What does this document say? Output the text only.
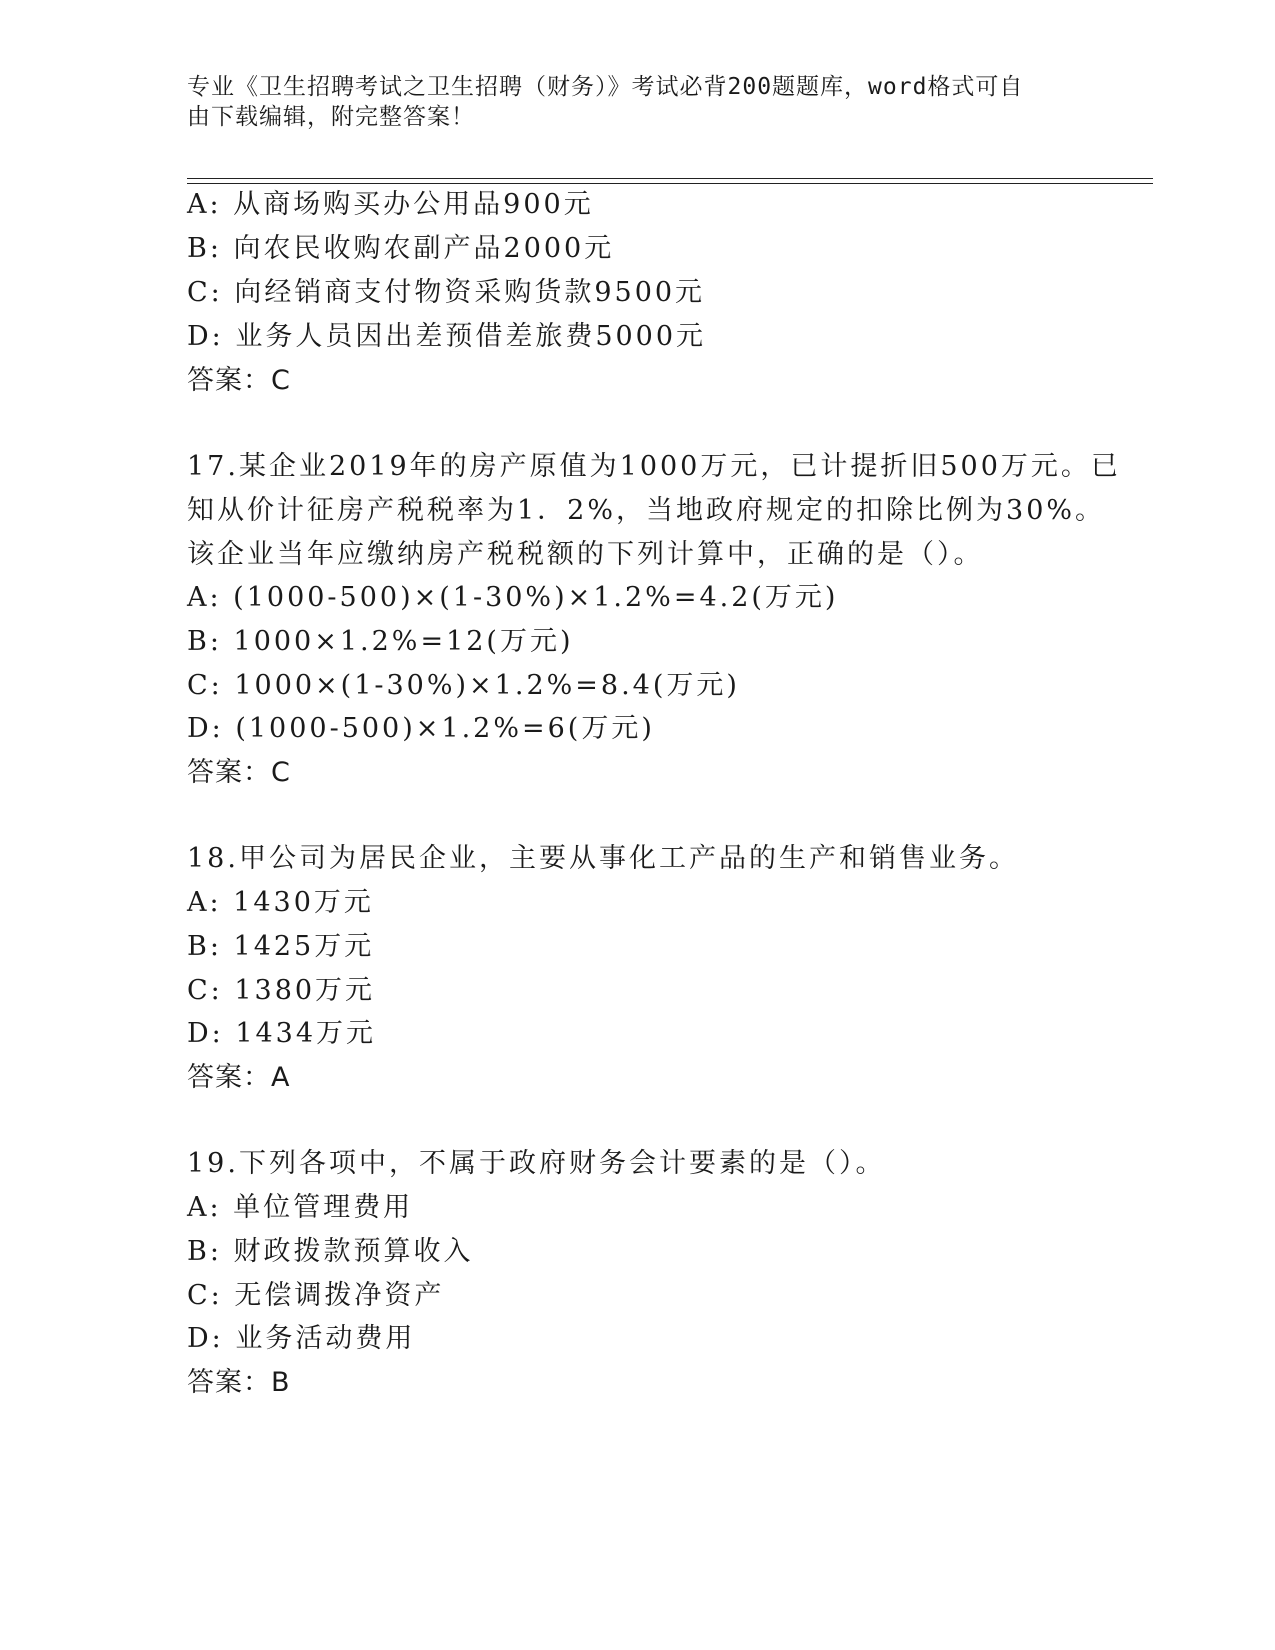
专业《卫生招聘考试之卫生招聘（财务）》考试必背200题题库，word格式可自
由下载编辑，附完整答案！
A: 从商场购买办公用品900元
B: 向农民收购农副产品2000元
C: 向经销商支付物资采购货款9500元
D: 业务人员因出差预借差旅费5000元
答案：C
17.某企业2019年的房产原值为1000万元，已计提折旧500万元。已
知从价计征房产税税率为1．2%，当地政府规定的扣除比例为30%。
该企业当年应缴纳房产税税额的下列计算中，正确的是（）。
A: (1000-500)×(1-30%)×1.2%=4.2(万元)
B: 1000×1.2%=12(万元)
C: 1000×(1-30%)×1.2%=8.4(万元)
D: (1000-500)×1.2%=6(万元)
答案：C
18.甲公司为居民企业，主要从事化工产品的生产和销售业务。
A: 1430万元
B: 1425万元
C: 1380万元
D: 1434万元
答案：A
19.下列各项中，不属于政府财务会计要素的是（）。
A: 单位管理费用
B: 财政拨款预算收入
C: 无偿调拨净资产
D: 业务活动费用
答案：B
